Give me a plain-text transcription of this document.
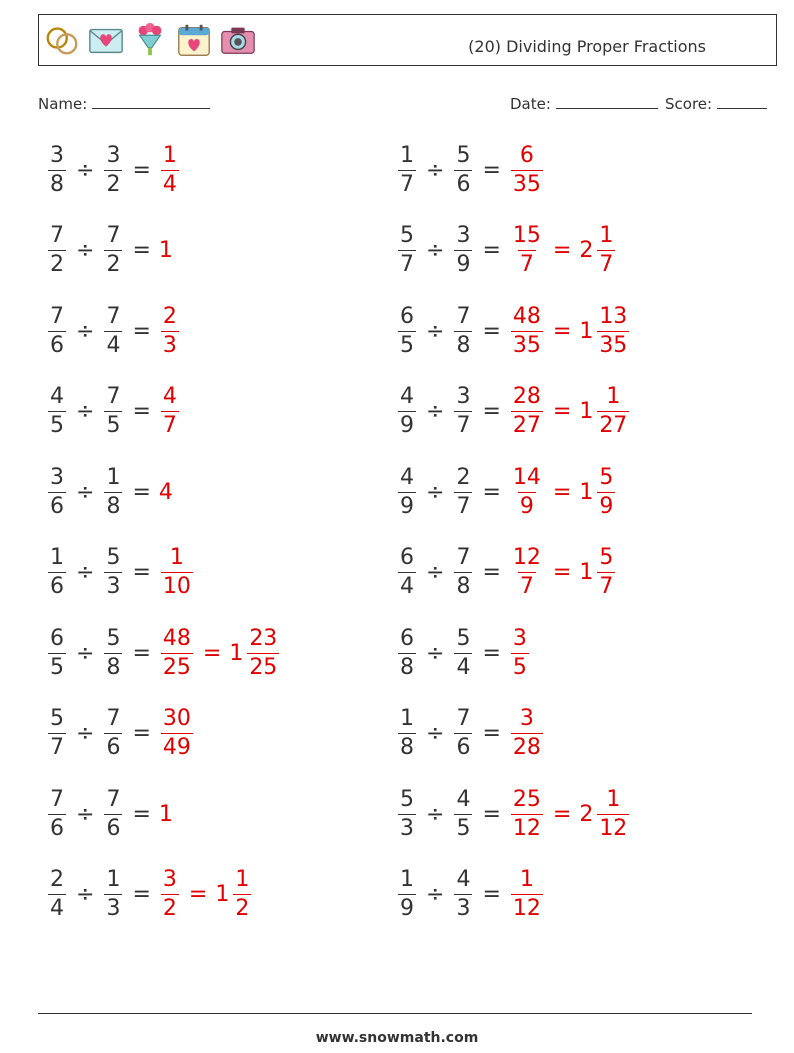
(20) Dividing Proper Fractions
Name:	Date:	Score:
$\frac{3}{8} \div \frac{3}{2} = \frac{1}{4}$	$\frac{1}{7} \div \frac{5}{6} = \frac{6}{35}$
$\frac{7}{2} \div \frac{7}{2} = 1$	$\frac{5}{7} \div \frac{3}{9} = \frac{15}{7} = 2 \frac{1}{7}$
$\frac{7}{6} \div \frac{7}{4} = \frac{2}{3}$	$\frac{6}{5} \div \frac{7}{8} = \frac{48}{35} = 1 \frac{13}{35}$
$\frac{4}{5} \div \frac{7}{5} = \frac{4}{7}$	$\frac{4}{9} \div \frac{3}{7} = \frac{28}{27} = 1 \frac{1}{27}$
$\frac{3}{6} \div \frac{1}{8} = 4$	$\frac{4}{9} \div \frac{2}{7} = \frac{14}{9} = 1 \frac{5}{9}$
$\frac{1}{6} \div \frac{5}{3} = \frac{1}{10}$	$\frac{6}{4} \div \frac{7}{8} = \frac{12}{7} = 1 \frac{5}{7}$
$\frac{6}{5} \div \frac{5}{8} = \frac{48}{25} = 1 \frac{23}{25}$	$\frac{6}{8} \div \frac{5}{4} = \frac{3}{5}$
$\frac{5}{7} \div \frac{7}{6} = \frac{30}{49}$	$\frac{1}{8} \div \frac{7}{6} = \frac{3}{28}$
$\frac{7}{6} \div \frac{7}{6} = 1$	$\frac{5}{3} \div \frac{4}{5} = \frac{25}{12} = 2 \frac{1}{12}$
$\frac{2}{4} \div \frac{1}{3} = \frac{3}{2} = 1 \frac{1}{2}$	$\frac{1}{9} \div \frac{4}{3} = \frac{1}{12}$
www.snowmath.com
